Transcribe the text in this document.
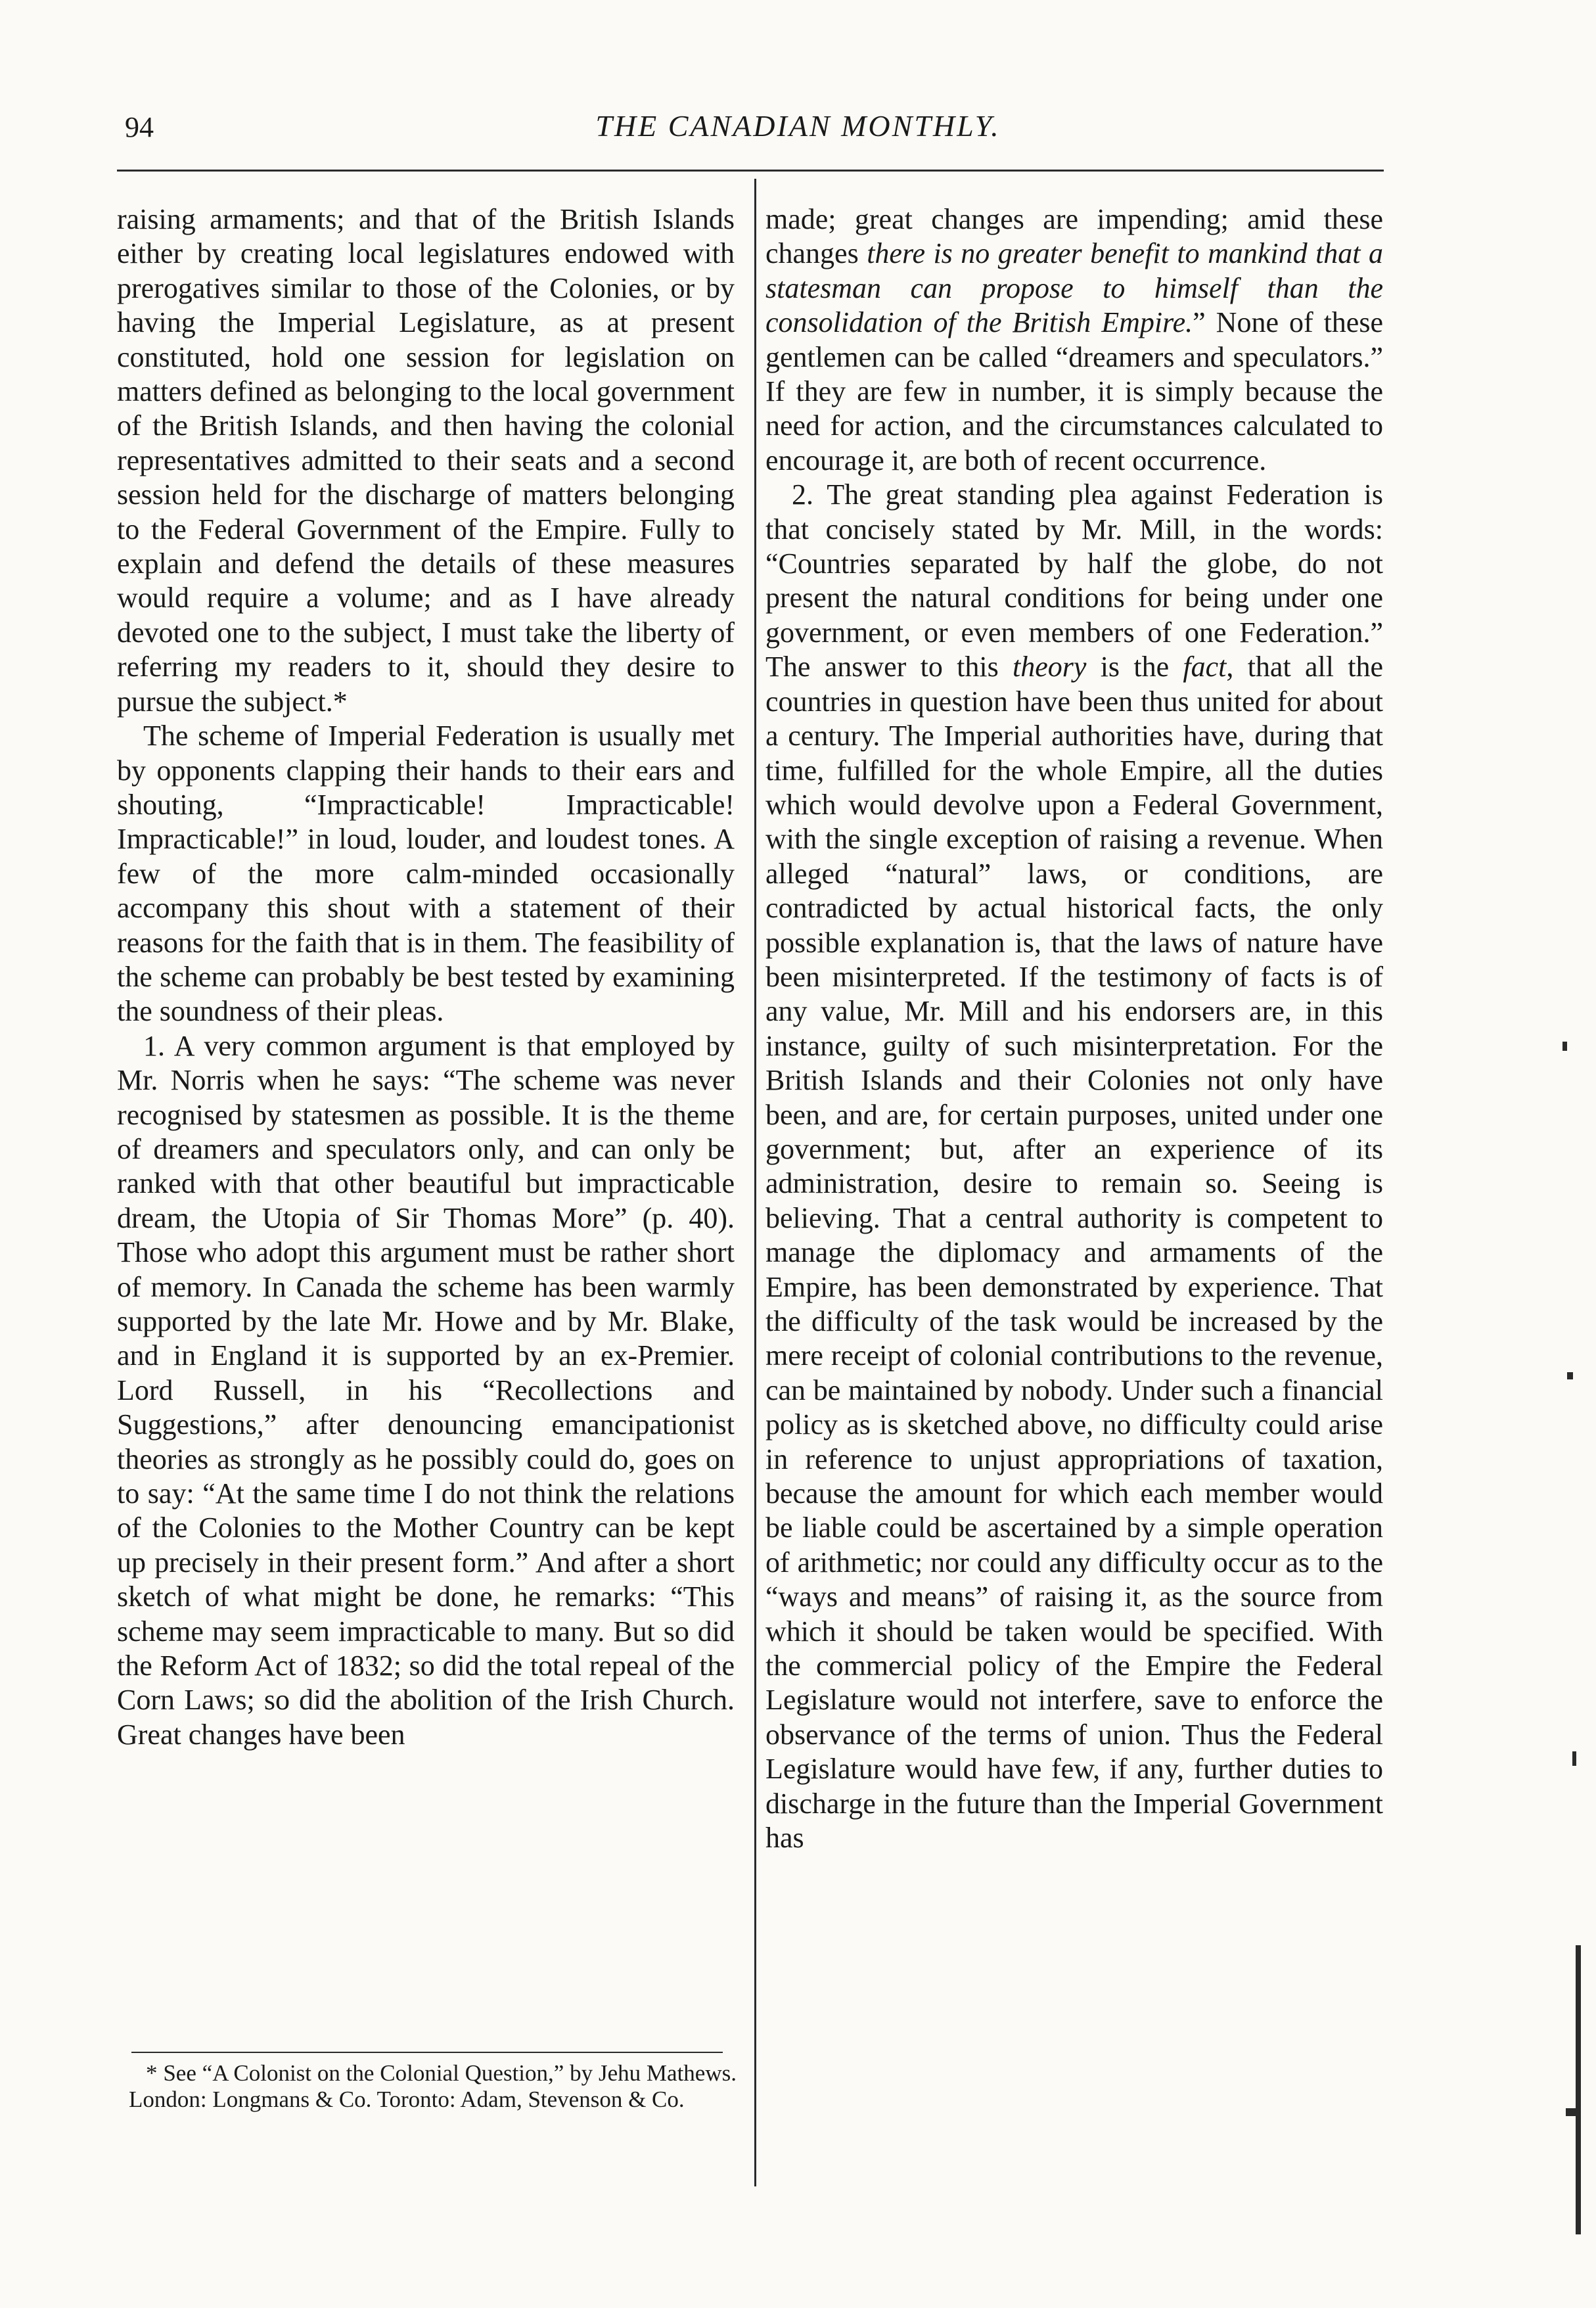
94	THE CANADIAN MONTHLY.

raising armaments; and that of the British Islands either by creating local legislatures endowed with prerogatives similar to those of the Colonies, or by having the Imperial Legislature, as at present constituted, hold one session for legislation on matters defined as belonging to the local government of the British Islands, and then having the colonial representatives admitted to their seats and a second session held for the discharge of matters belonging to the Federal Government of the Empire. Fully to explain and defend the details of these measures would require a volume; and as I have already devoted one to the subject, I must take the liberty of referring my readers to it, should they desire to pursue the subject.*

The scheme of Imperial Federation is usually met by opponents clapping their hands to their ears and shouting, “Impracticable! Impracticable! Impracticable!” in loud, louder, and loudest tones. A few of the more calm-minded occasionally accompany this shout with a statement of their reasons for the faith that is in them. The feasibility of the scheme can probably be best tested by examining the soundness of their pleas.

1. A very common argument is that employed by Mr. Norris when he says: “The scheme was never recognised by statesmen as possible. It is the theme of dreamers and speculators only, and can only be ranked with that other beautiful but impracticable dream, the Utopia of Sir Thomas More” (p. 40). Those who adopt this argument must be rather short of memory. In Canada the scheme has been warmly supported by the late Mr. Howe and by Mr. Blake, and in England it is supported by an ex-Premier. Lord Russell, in his “Recollections and Suggestions,” after denouncing emancipationist theories as strongly as he possibly could do, goes on to say: “At the same time I do not think the relations of the Colonies to the Mother Country can be kept up precisely in their present form.” And after a short sketch of what might be done, he remarks: “This scheme may seem impracticable to many. But so did the Reform Act of 1832; so did the total repeal of the Corn Laws; so did the abolition of the Irish Church. Great changes have been

made; great changes are impending; amid these changes there is no greater benefit to mankind that a statesman can propose to himself than the consolidation of the British Empire.” None of these gentlemen can be called “dreamers and speculators.” If they are few in number, it is simply because the need for action, and the circumstances calculated to encourage it, are both of recent occurrence.

2. The great standing plea against Federation is that concisely stated by Mr. Mill, in the words: “Countries separated by half the globe, do not present the natural conditions for being under one government, or even members of one Federation.” The answer to this theory is the fact, that all the countries in question have been thus united for about a century. The Imperial authorities have, during that time, fulfilled for the whole Empire, all the duties which would devolve upon a Federal Government, with the single exception of raising a revenue. When alleged “natural” laws, or conditions, are contradicted by actual historical facts, the only possible explanation is, that the laws of nature have been misinterpreted. If the testimony of facts is of any value, Mr. Mill and his endorsers are, in this instance, guilty of such misinterpretation. For the British Islands and their Colonies not only have been, and are, for certain purposes, united under one government; but, after an experience of its administration, desire to remain so. Seeing is believing. That a central authority is competent to manage the diplomacy and armaments of the Empire, has been demonstrated by experience. That the difficulty of the task would be increased by the mere receipt of colonial contributions to the revenue, can be maintained by nobody. Under such a financial policy as is sketched above, no difficulty could arise in reference to unjust appropriations of taxation, because the amount for which each member would be liable could be ascertained by a simple operation of arithmetic; nor could any difficulty occur as to the “ways and means” of raising it, as the source from which it should be taken would be specified. With the commercial policy of the Empire the Federal Legislature would not interfere, save to enforce the observance of the terms of union. Thus the Federal Legislature would have few, if any, further duties to discharge in the future than the Imperial Government has

* See “A Colonist on the Colonial Question,” by Jehu Mathews. London: Longmans & Co. Toronto: Adam, Stevenson & Co.
